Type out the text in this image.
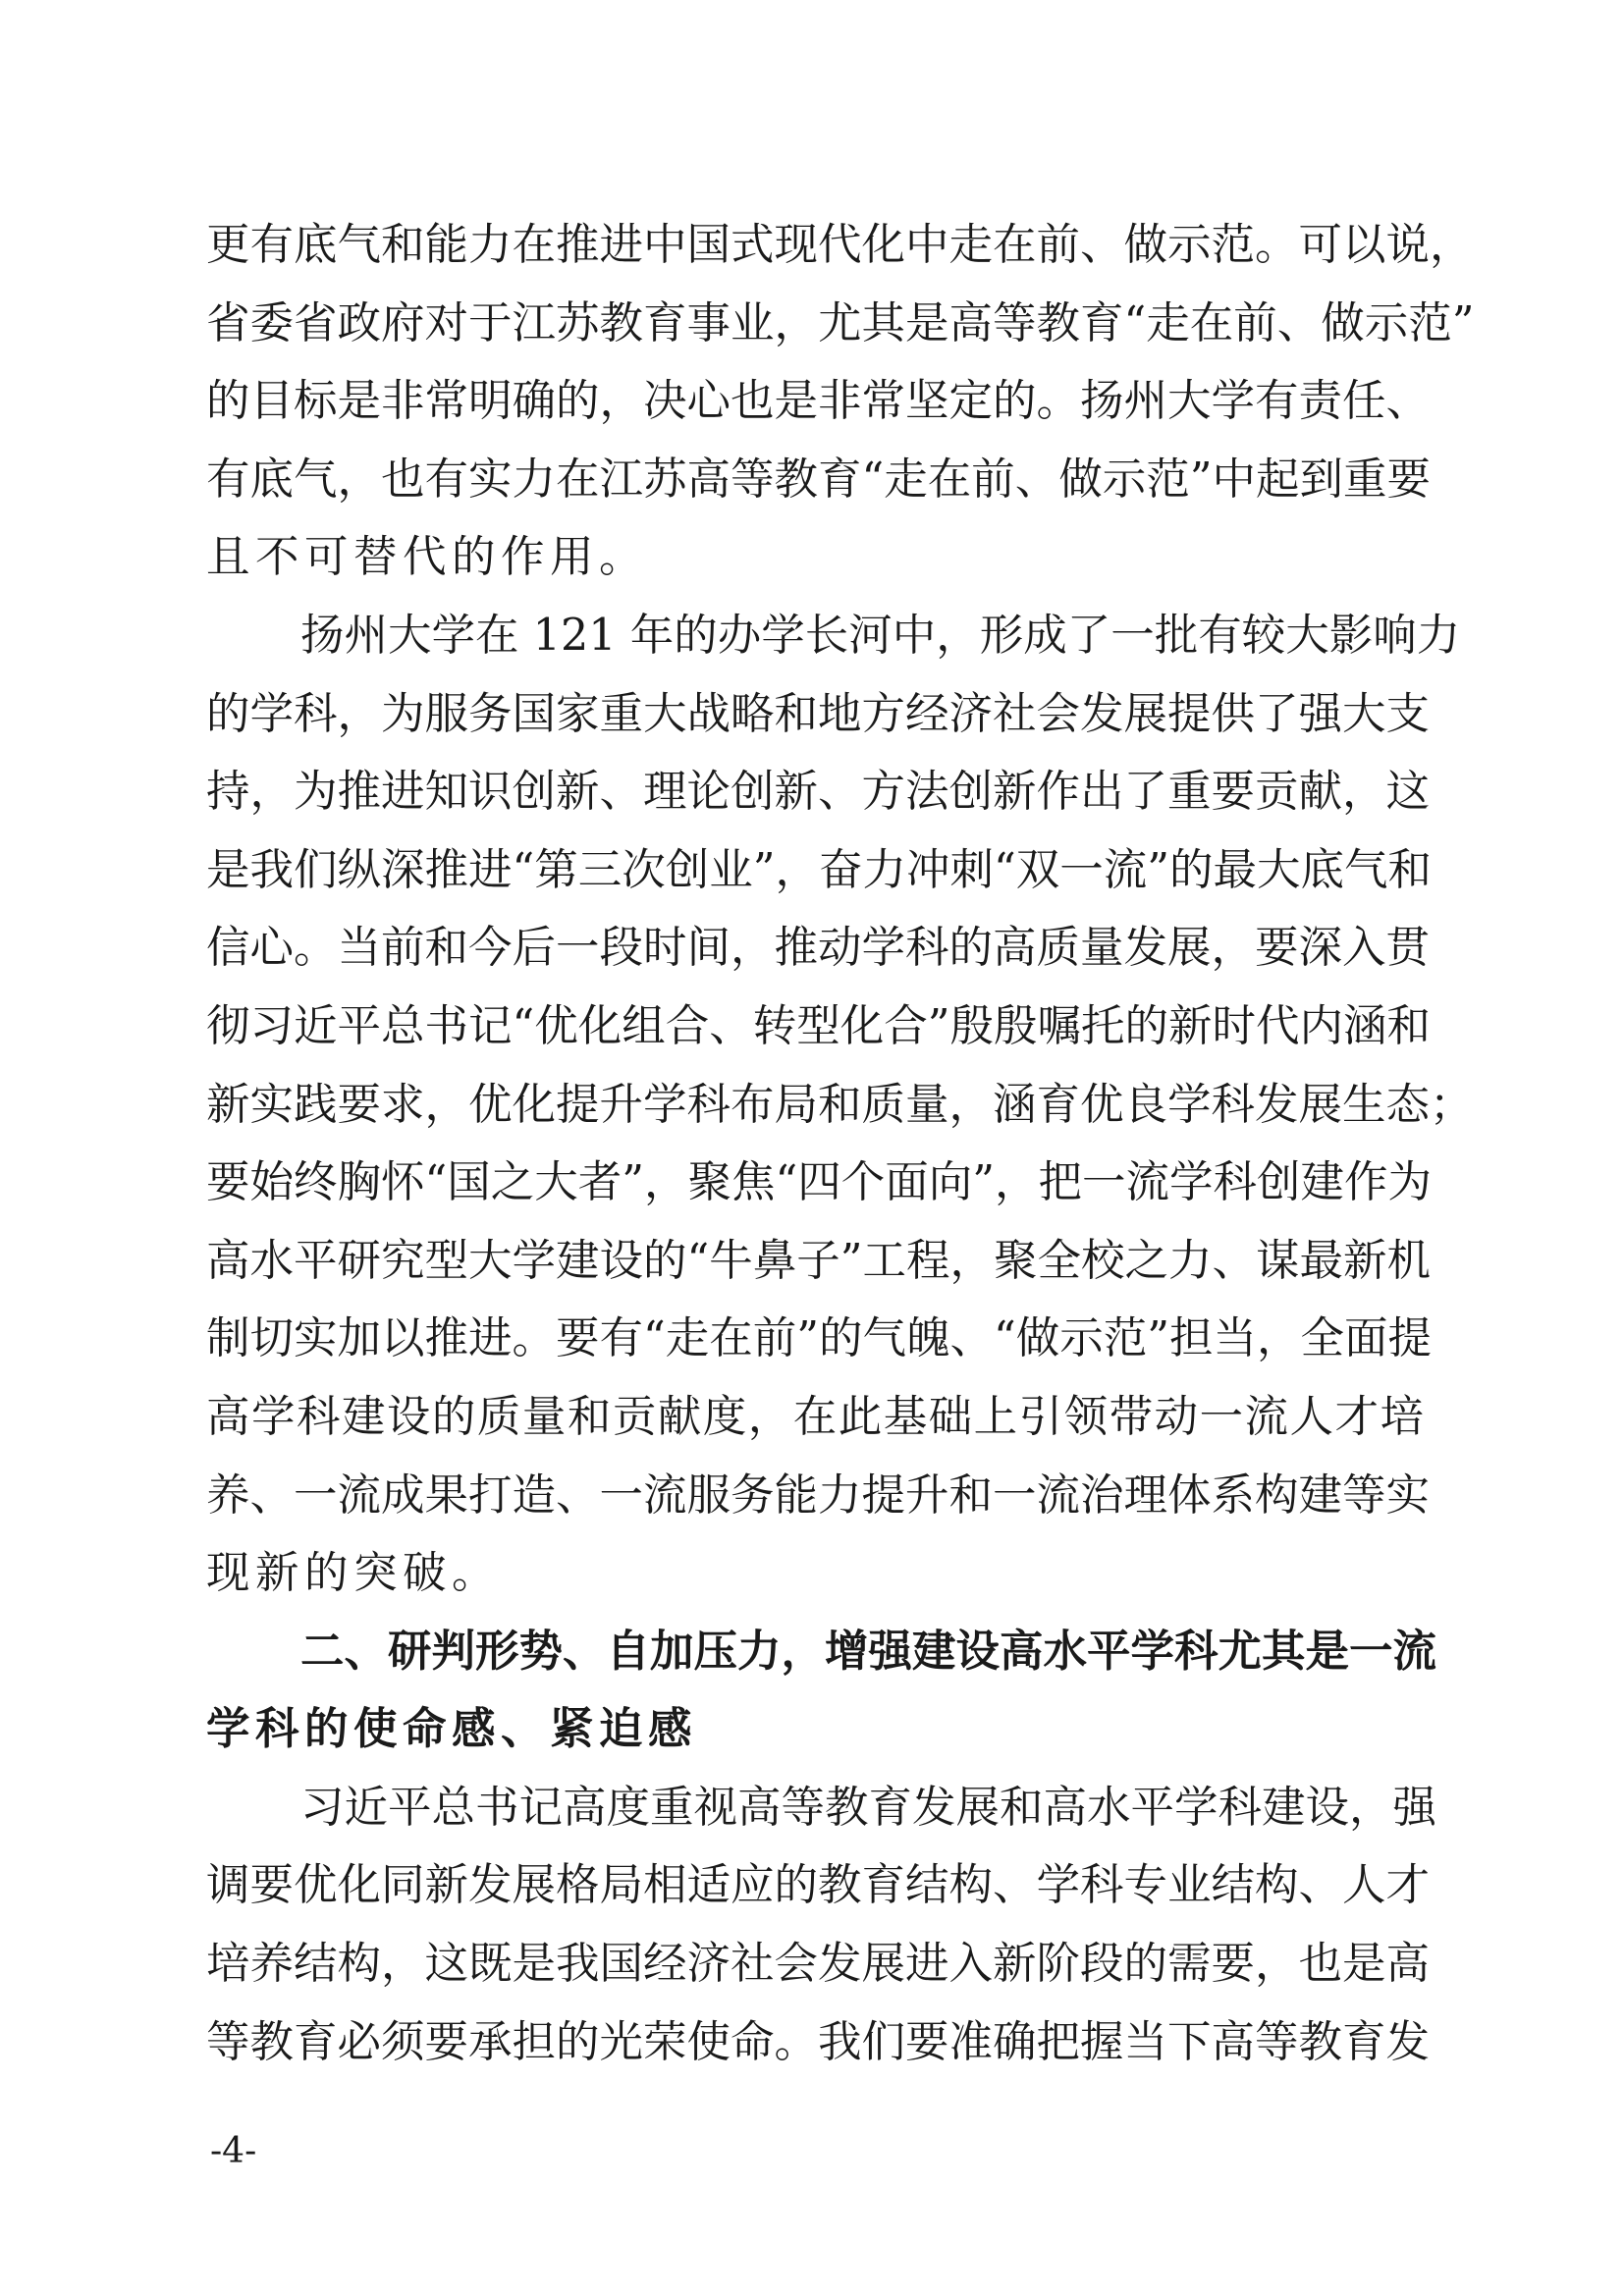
更有底气和能力在推进中国式现代化中走在前、做示范。可以说，
省委省政府对于江苏教育事业，尤其是高等教育“走在前、做示范”
的目标是非常明确的，决心也是非常坚定的。扬州大学有责任、
有底气，也有实力在江苏高等教育“走在前、做示范”中起到重要
且不可替代的作用。
扬州大学在 121 年的办学长河中，形成了一批有较大影响力
的学科，为服务国家重大战略和地方经济社会发展提供了强大支
持，为推进知识创新、理论创新、方法创新作出了重要贡献，这
是我们纵深推进“第三次创业”，奋力冲刺“双一流”的最大底气和
信心。当前和今后一段时间，推动学科的高质量发展，要深入贯
彻习近平总书记“优化组合、转型化合”殷殷嘱托的新时代内涵和
新实践要求，优化提升学科布局和质量，涵育优良学科发展生态；
要始终胸怀“国之大者”，聚焦“四个面向”，把一流学科创建作为
高水平研究型大学建设的“牛鼻子”工程，聚全校之力、谋最新机
制切实加以推进。要有“走在前”的气魄、“做示范”担当，全面提
高学科建设的质量和贡献度，在此基础上引领带动一流人才培
养、一流成果打造、一流服务能力提升和一流治理体系构建等实
现新的突破。
二、研判形势、自加压力，增强建设高水平学科尤其是一流
学科的使命感、紧迫感
习近平总书记高度重视高等教育发展和高水平学科建设，强
调要优化同新发展格局相适应的教育结构、学科专业结构、人才
培养结构，这既是我国经济社会发展进入新阶段的需要，也是高
等教育必须要承担的光荣使命。我们要准确把握当下高等教育发
-4-
